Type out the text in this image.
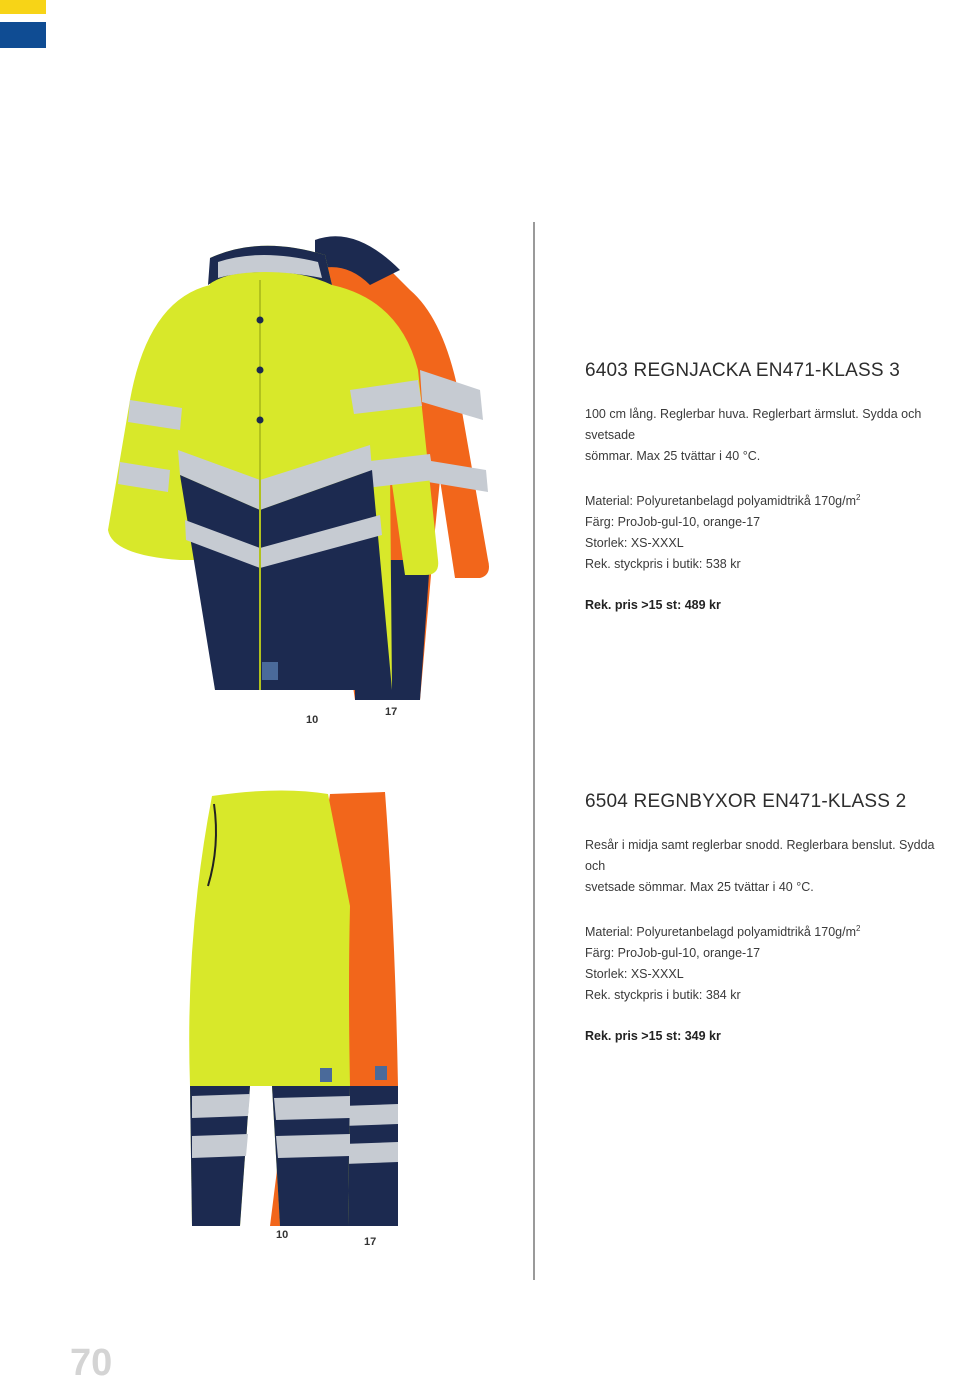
10
17
10
17
6403 REGNJACKA EN471-KLASS 3

100 cm lång. Reglerbar huva. Reglerbart ärmslut. Sydda och svetsade

sömmar. Max 25 tvättar i 40 °C.

Material: Polyuretanbelagd polyamidtrikå $170g/m^2$

Färg: ProJob-gul-10, orange-17

Storlek: XS-XXXL

Rek. styckpris i butik: 538 kr

Rek. pris >15 st: 489 kr

6504 REGNBYXOR EN471-KLASS 2

Resår i midja samt reglerbar snodd. Reglerbara benslut. Sydda och

svetsade sömmar. Max 25 tvättar i 40 °C.

Material: Polyuretanbelagd polyamidtrikå $170g/m^2$

Färg: ProJob-gul-10, orange-17

Storlek: XS-XXXL

Rek. styckpris i butik: 384 kr

Rek. pris >15 st: 349 kr

70
